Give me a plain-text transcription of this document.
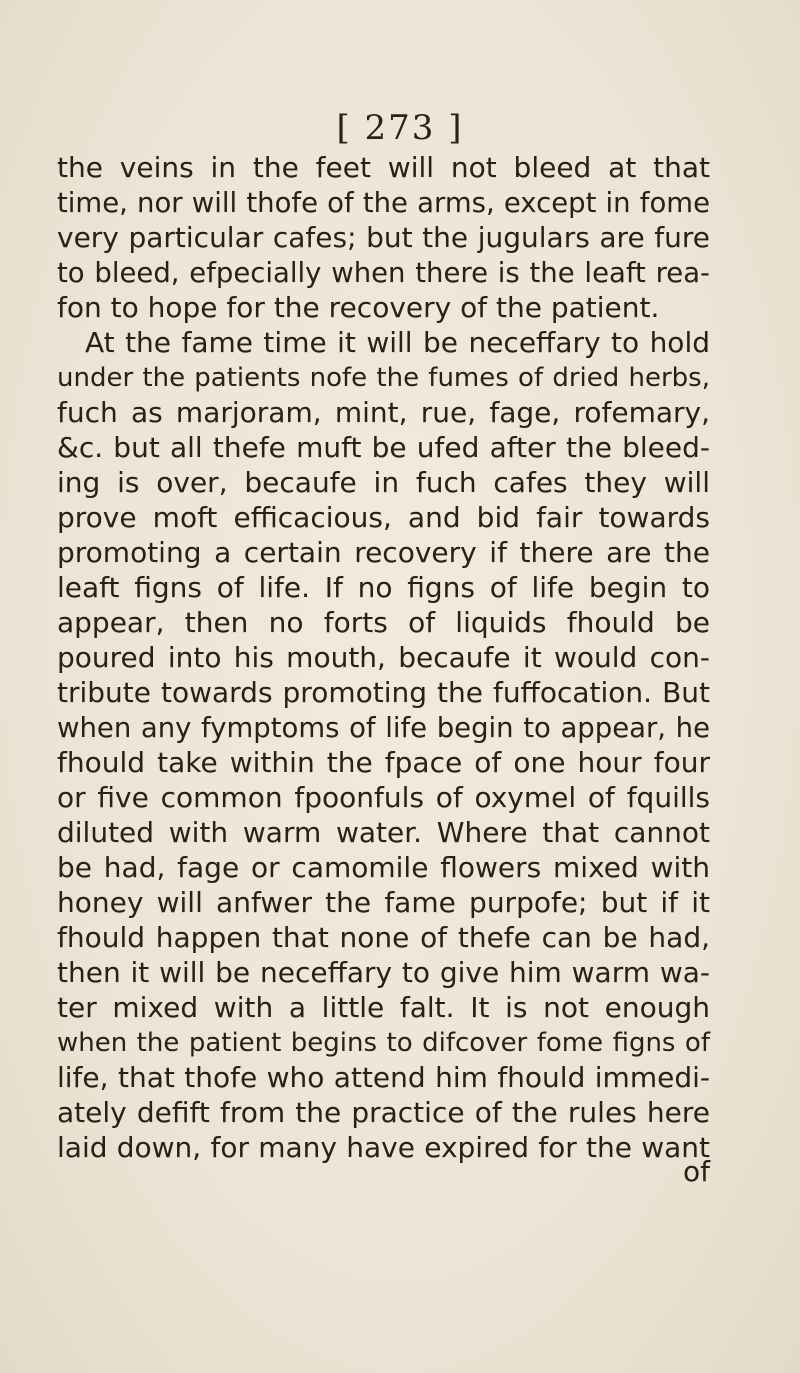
[ 273 ]
the veins in the feet will not bleed at that
time, nor will thofe of the arms, except in fome
very particular cafes; but the jugulars are fure
to bleed, efpecially when there is the leaft rea-
fon to hope for the recovery of the patient.
At the fame time it will be neceffary to hold
under the patients nofe the fumes of dried herbs,
fuch as marjoram, mint, rue, fage, rofemary,
&c. but all thefe muft be ufed after the bleed-
ing is over, becaufe in fuch cafes they will
prove moft efficacious, and bid fair towards
promoting a certain recovery if there are the
leaft figns of life. If no figns of life begin to
appear, then no forts of liquids fhould be
poured into his mouth, becaufe it would con-
tribute towards promoting the fuffocation. But
when any fymptoms of life begin to appear, he
fhould take within the fpace of one hour four
or five common fpoonfuls of oxymel of fquills
diluted with warm water. Where that cannot
be had, fage or camomile flowers mixed with
honey will anfwer the fame purpofe; but if it
fhould happen that none of thefe can be had,
then it will be neceffary to give him warm wa-
ter mixed with a little falt. It is not enough
when the patient begins to difcover fome figns of
life, that thofe who attend him fhould immedi-
ately defift from the practice of the rules here
laid down, for many have expired for the want
of
